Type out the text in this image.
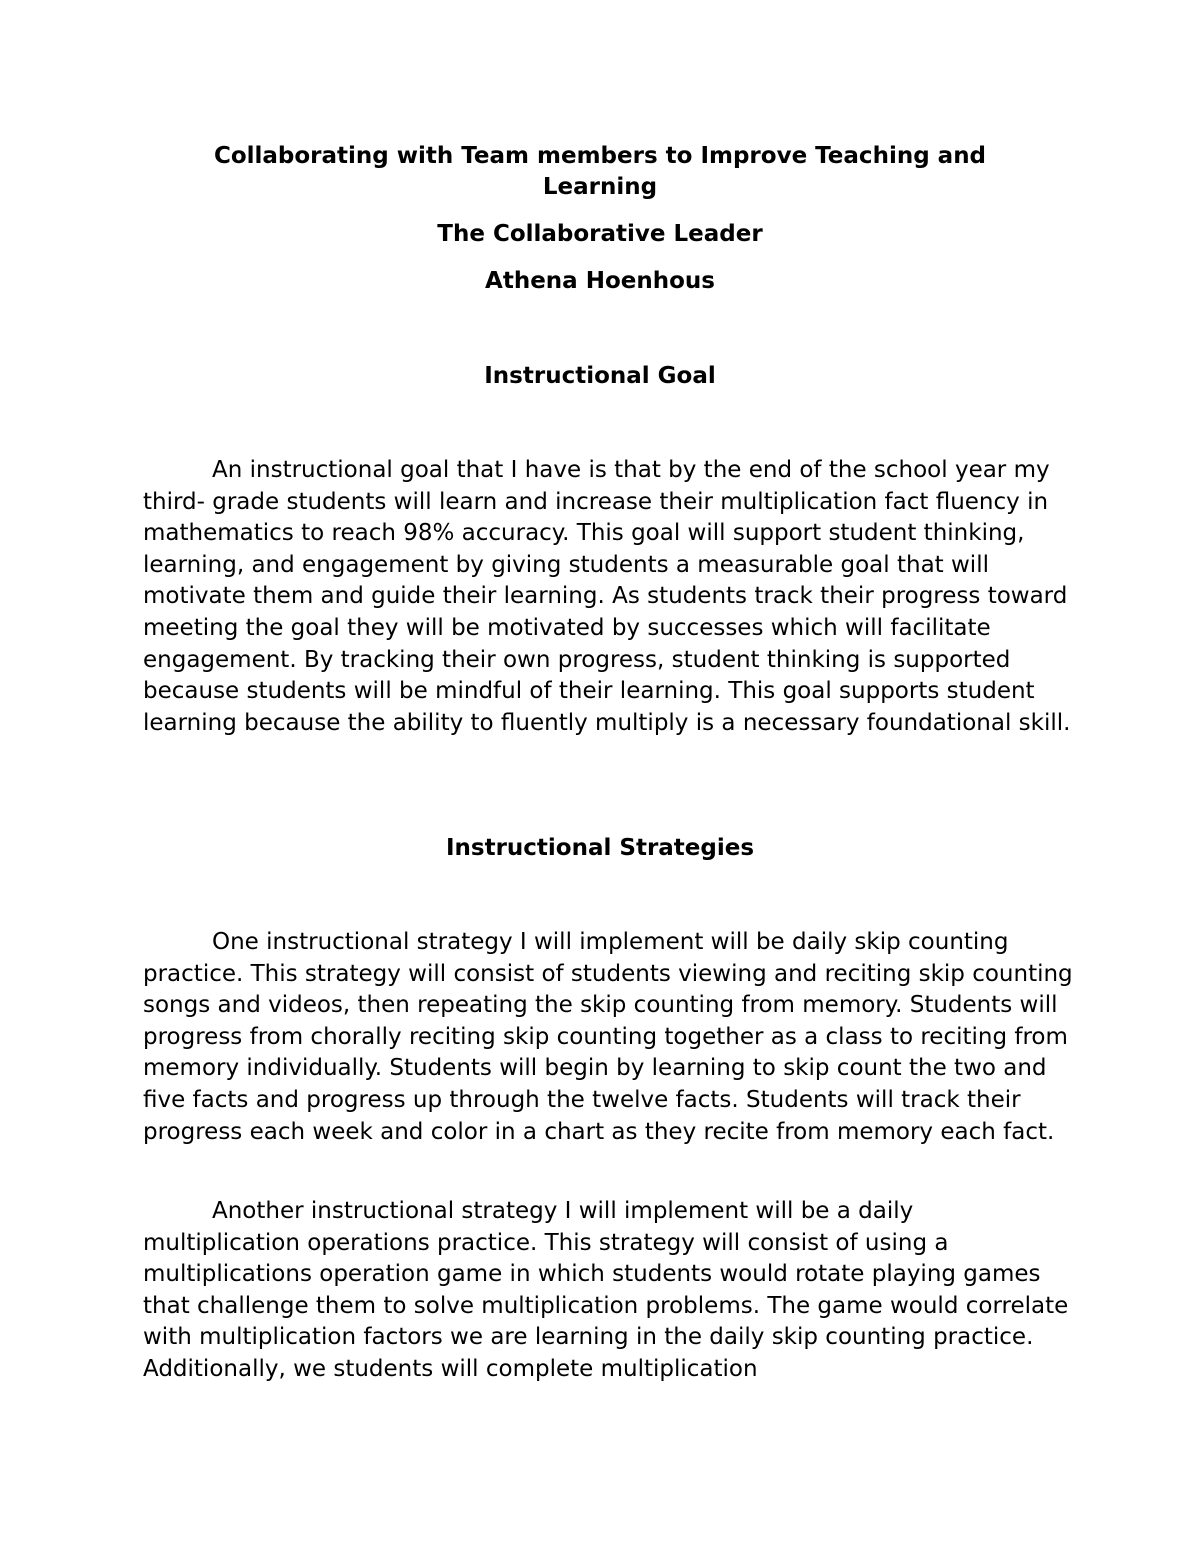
Collaborating with Team members to Improve Teaching and Learning

The Collaborative Leader

Athena Hoenhous

Instructional Goal

An instructional goal that I have is that by the end of the school year my third- grade students will learn and increase their multiplication fact fluency in mathematics to reach 98% accuracy. This goal will support student thinking, learning, and engagement by giving students a measurable goal that will motivate them and guide their learning. As students track their progress toward meeting the goal they will be motivated by successes which will facilitate engagement. By tracking their own progress, student thinking is supported because students will be mindful of their learning. This goal supports student learning because the ability to fluently multiply is a necessary foundational skill.

Instructional Strategies

One instructional strategy I will implement will be daily skip counting practice. This strategy will consist of students viewing and reciting skip counting songs and videos, then repeating the skip counting from memory. Students will progress from chorally reciting skip counting together as a class to reciting from memory individually. Students will begin by learning to skip count the two and five facts and progress up through the twelve facts. Students will track their progress each week and color in a chart as they recite from memory each fact.

Another instructional strategy I will implement will be a daily multiplication operations practice. This strategy will consist of using a multiplications operation game in which students would rotate playing games that challenge them to solve multiplication problems. The game would correlate with multiplication factors we are learning in the daily skip counting practice. Additionally, we students will complete multiplication
